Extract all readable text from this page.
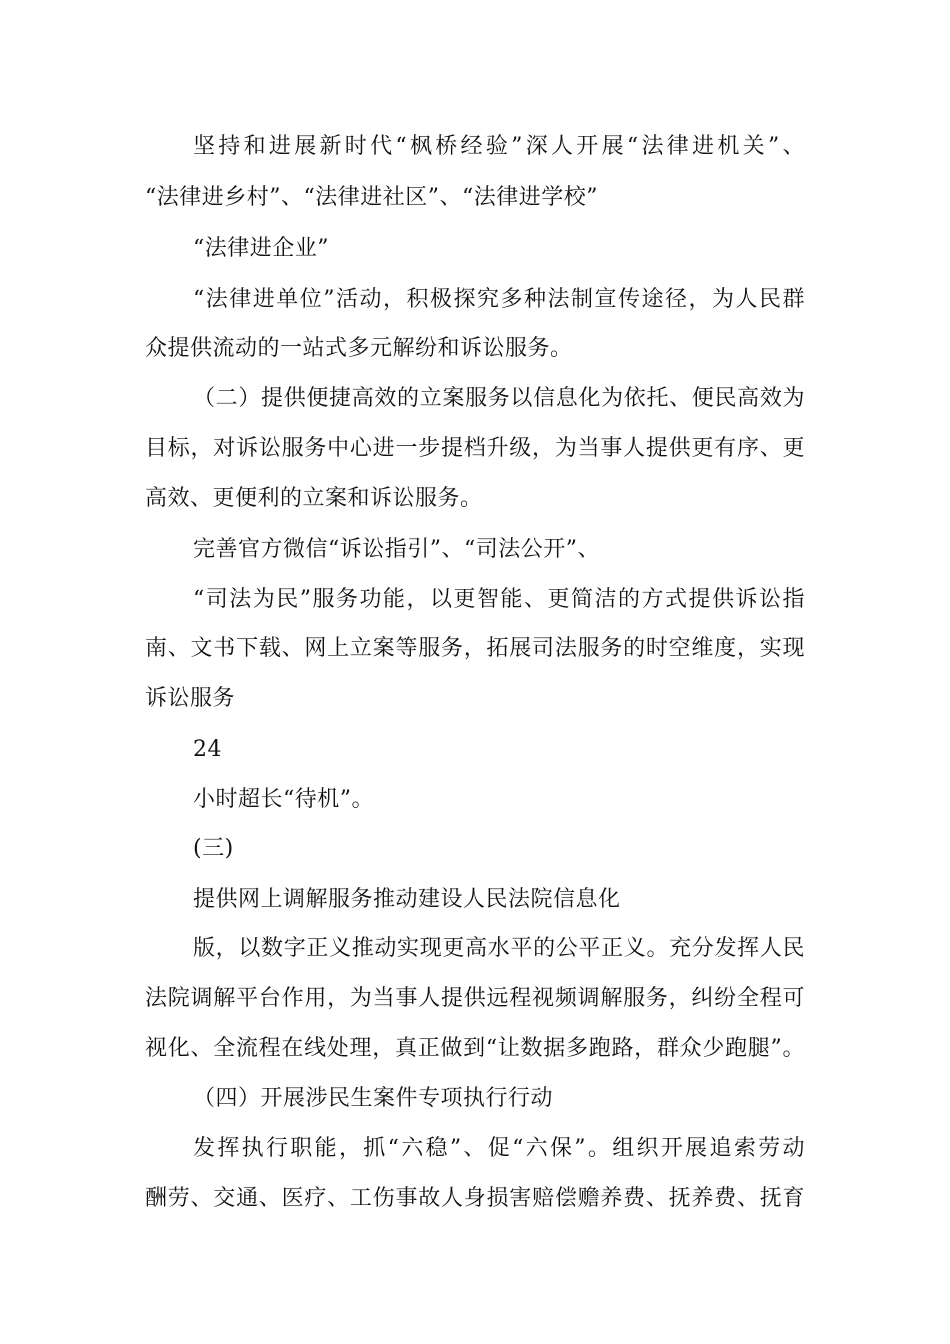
坚持和进展新时代“枫桥经验”深人开展“法律进机关”、
“法律进乡村”、“法律进社区”、“法律进学校”
“法律进企业”
“法律进单位”活动，积极探究多种法制宣传途径，为人民群
众提供流动的一站式多元解纷和诉讼服务。
（二）提供便捷高效的立案服务以信息化为依托、便民高效为
目标，对诉讼服务中心进一步提档升级，为当事人提供更有序、更
高效、更便利的立案和诉讼服务。
完善官方微信“诉讼指引”、“司法公开”、
“司法为民”服务功能，以更智能、更简洁的方式提供诉讼指
南、文书下载、网上立案等服务，拓展司法服务的时空维度，实现
诉讼服务
24
小时超长“待机”。
(三)
提供网上调解服务推动建设人民法院信息化
版，以数字正义推动实现更高水平的公平正义。充分发挥人民
法院调解平台作用，为当事人提供远程视频调解服务，纠纷全程可
视化、全流程在线处理，真正做到“让数据多跑路，群众少跑腿”。
（四）开展涉民生案件专项执行行动
发挥执行职能，抓“六稳”、促“六保”。组织开展追索劳动
酬劳、交通、医疗、工伤事故人身损害赔偿赡养费、抚养费、抚育
